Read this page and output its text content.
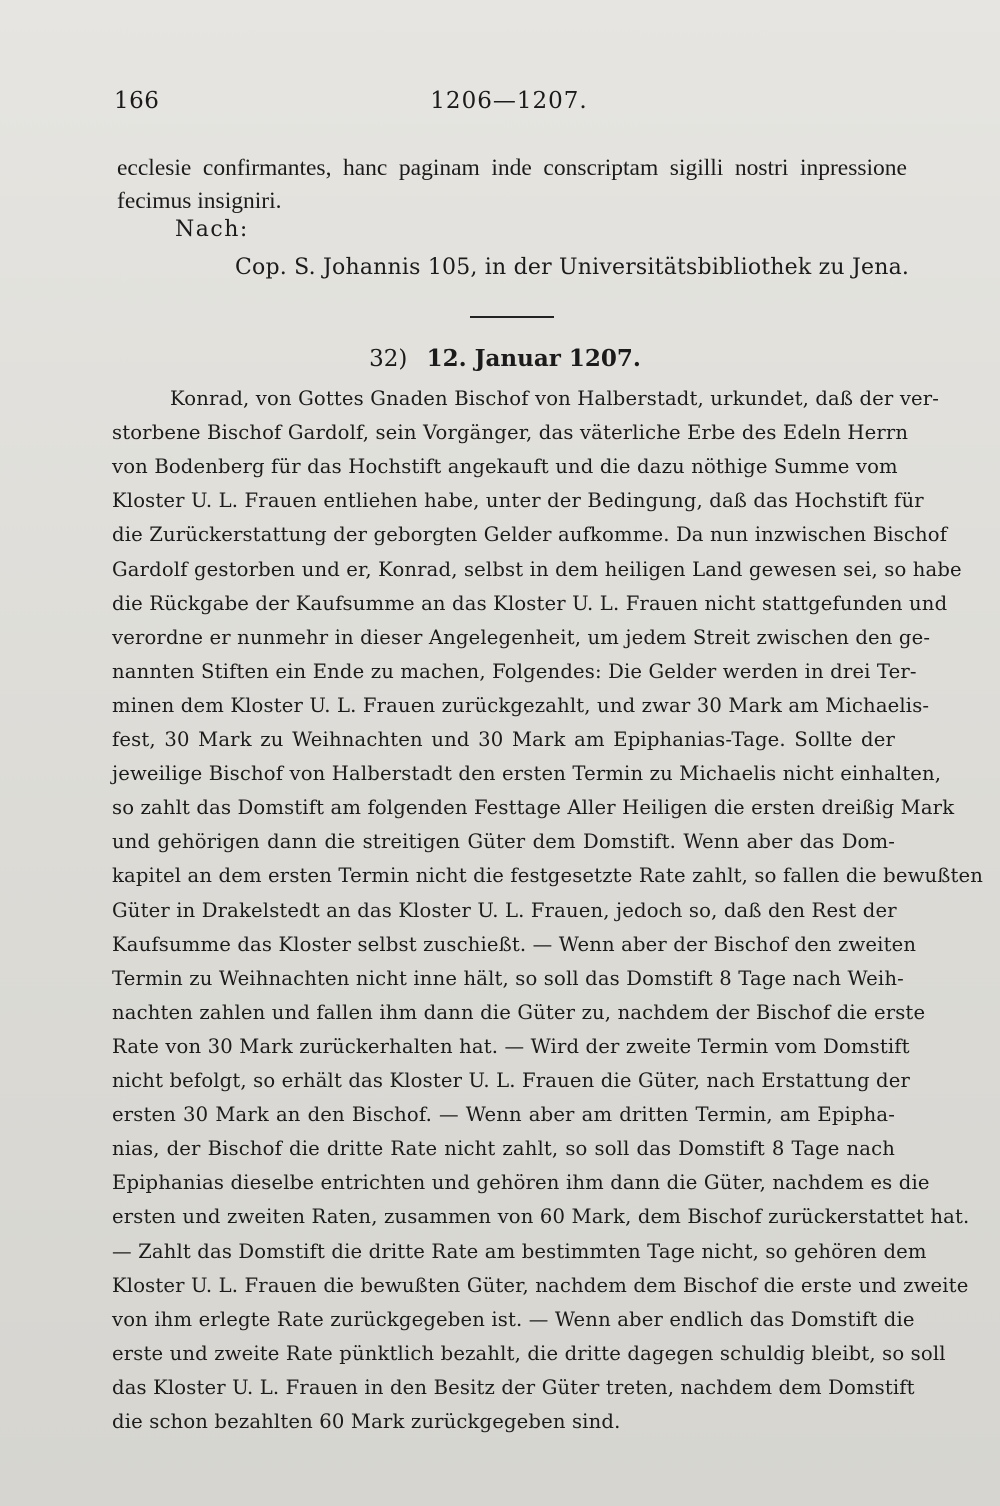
166	1206—1207.
ecclesie confirmantes, hanc paginam inde conscriptam sigilli nostri inpressione fecimus insigniri.
Nach:
Cop. S. Johannis 105, in der Universitätsbibliothek zu Jena.
32) 12. Januar 1207.
Konrad, von Gottes Gnaden Bischof von Halberstadt, urkundet, daß der ver-
storbene Bischof Gardolf, sein Vorgänger, das väterliche Erbe des Edeln Herrn
von Bodenberg für das Hochstift angekauft und die dazu nöthige Summe vom
Kloster U. L. Frauen entliehen habe, unter der Bedingung, daß das Hochstift für
die Zurückerstattung der geborgten Gelder aufkomme. Da nun inzwischen Bischof
Gardolf gestorben und er, Konrad, selbst in dem heiligen Land gewesen sei, so habe
die Rückgabe der Kaufsumme an das Kloster U. L. Frauen nicht stattgefunden und
verordne er nunmehr in dieser Angelegenheit, um jedem Streit zwischen den ge-
nannten Stiften ein Ende zu machen, Folgendes: Die Gelder werden in drei Ter-
minen dem Kloster U. L. Frauen zurückgezahlt, und zwar 30 Mark am Michaelis-
fest, 30 Mark zu Weihnachten und 30 Mark am Epiphanias-Tage. Sollte der
jeweilige Bischof von Halberstadt den ersten Termin zu Michaelis nicht einhalten,
so zahlt das Domstift am folgenden Festtage Aller Heiligen die ersten dreißig Mark
und gehörigen dann die streitigen Güter dem Domstift. Wenn aber das Dom-
kapitel an dem ersten Termin nicht die festgesetzte Rate zahlt, so fallen die bewußten
Güter in Drakelstedt an das Kloster U. L. Frauen, jedoch so, daß den Rest der
Kaufsumme das Kloster selbst zuschießt. — Wenn aber der Bischof den zweiten
Termin zu Weihnachten nicht inne hält, so soll das Domstift 8 Tage nach Weih-
nachten zahlen und fallen ihm dann die Güter zu, nachdem der Bischof die erste
Rate von 30 Mark zurückerhalten hat. — Wird der zweite Termin vom Domstift
nicht befolgt, so erhält das Kloster U. L. Frauen die Güter, nach Erstattung der
ersten 30 Mark an den Bischof. — Wenn aber am dritten Termin, am Epipha-
nias, der Bischof die dritte Rate nicht zahlt, so soll das Domstift 8 Tage nach
Epiphanias dieselbe entrichten und gehören ihm dann die Güter, nachdem es die
ersten und zweiten Raten, zusammen von 60 Mark, dem Bischof zurückerstattet hat.
— Zahlt das Domstift die dritte Rate am bestimmten Tage nicht, so gehören dem
Kloster U. L. Frauen die bewußten Güter, nachdem dem Bischof die erste und zweite
von ihm erlegte Rate zurückgegeben ist. — Wenn aber endlich das Domstift die
erste und zweite Rate pünktlich bezahlt, die dritte dagegen schuldig bleibt, so soll
das Kloster U. L. Frauen in den Besitz der Güter treten, nachdem dem Domstift
die schon bezahlten 60 Mark zurückgegeben sind.
